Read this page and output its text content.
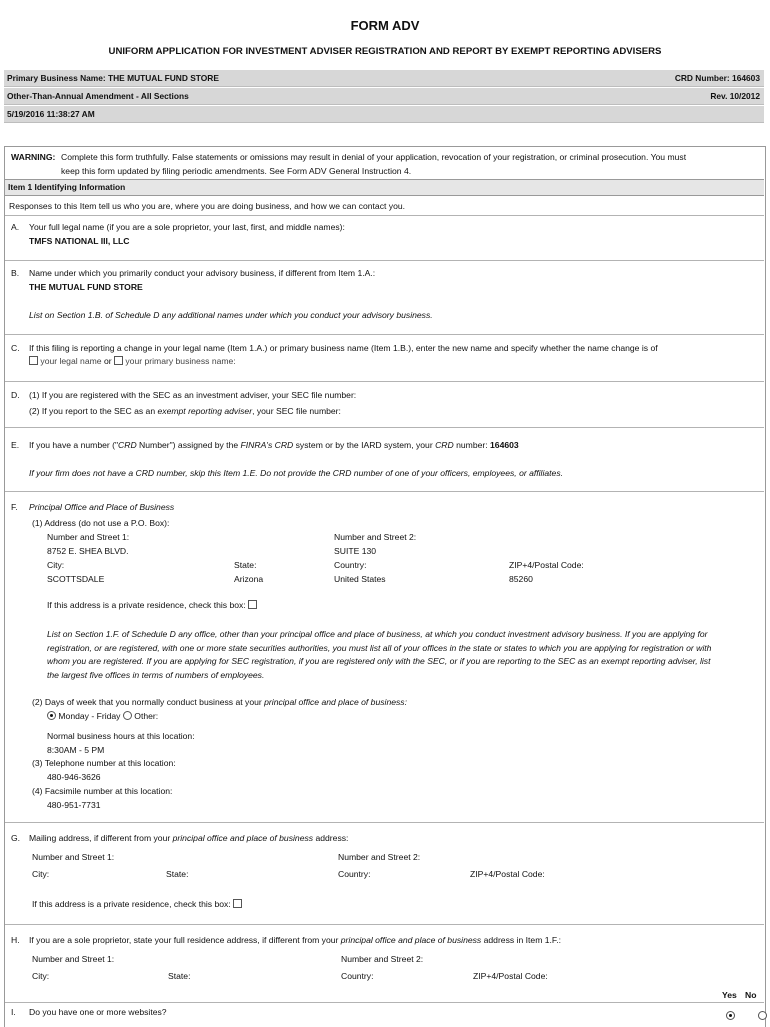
FORM ADV
UNIFORM APPLICATION FOR INVESTMENT ADVISER REGISTRATION AND REPORT BY EXEMPT REPORTING ADVISERS
Primary Business Name: THE MUTUAL FUND STORE	CRD Number: 164603
Other-Than-Annual Amendment - All Sections	Rev. 10/2012
5/19/2016 11:38:27 AM
WARNING: Complete this form truthfully. False statements or omissions may result in denial of your application, revocation of your registration, or criminal prosecution. You must
keep this form updated by filing periodic amendments. See Form ADV General Instruction 4.
Item 1 Identifying Information
Responses to this Item tell us who you are, where you are doing business, and how we can contact you.
A. Your full legal name (if you are a sole proprietor, your last, first, and middle names):
TMFS NATIONAL III, LLC
B. Name under which you primarily conduct your advisory business, if different from Item 1.A.:
THE MUTUAL FUND STORE
List on Section 1.B. of Schedule D any additional names under which you conduct your advisory business.
C. If this filing is reporting a change in your legal name (Item 1.A.) or primary business name (Item 1.B.), enter the new name and specify whether the name change is of
your legal name or your primary business name:
D. (1) If you are registered with the SEC as an investment adviser, your SEC file number:
(2) If you report to the SEC as an exempt reporting adviser, your SEC file number:
E. If you have a number ("CRD Number") assigned by the FINRA's CRD system or by the IARD system, your CRD number: 164603
If your firm does not have a CRD number, skip this Item 1.E. Do not provide the CRD number of one of your officers, employees, or affiliates.
F. Principal Office and Place of Business
(1) Address (do not use a P.O. Box):
Number and Street 1:	Number and Street 2:
8752 E. SHEA BLVD.	SUITE 130
City:	State:	Country:	ZIP+4/Postal Code:
SCOTTSDALE	Arizona	United States	85260
If this address is a private residence, check this box:
List on Section 1.F. of Schedule D any office, other than your principal office and place of business, at which you conduct investment advisory business. If you are applying for
registration, or are registered, with one or more state securities authorities, you must list all of your offices in the state or states to which you are applying for registration or with
whom you are registered. If you are applying for SEC registration, if you are registered only with the SEC, or if you are reporting to the SEC as an exempt reporting adviser, list
the largest five offices in terms of numbers of employees.
(2) Days of week that you normally conduct business at your principal office and place of business:
Monday - Friday Other:
Normal business hours at this location:
8:30AM - 5 PM
(3) Telephone number at this location:
480-946-3626
(4) Facsimile number at this location:
480-951-7731
G. Mailing address, if different from your principal office and place of business address:
Number and Street 1:	Number and Street 2:
City:	State:	Country:	ZIP+4/Postal Code:
If this address is a private residence, check this box:
H. If you are a sole proprietor, state your full residence address, if different from your principal office and place of business address in Item 1.F.:
Number and Street 1:	Number and Street 2:
City:	State:	Country:	ZIP+4/Postal Code:
Yes No
I. Do you have one or more websites?
